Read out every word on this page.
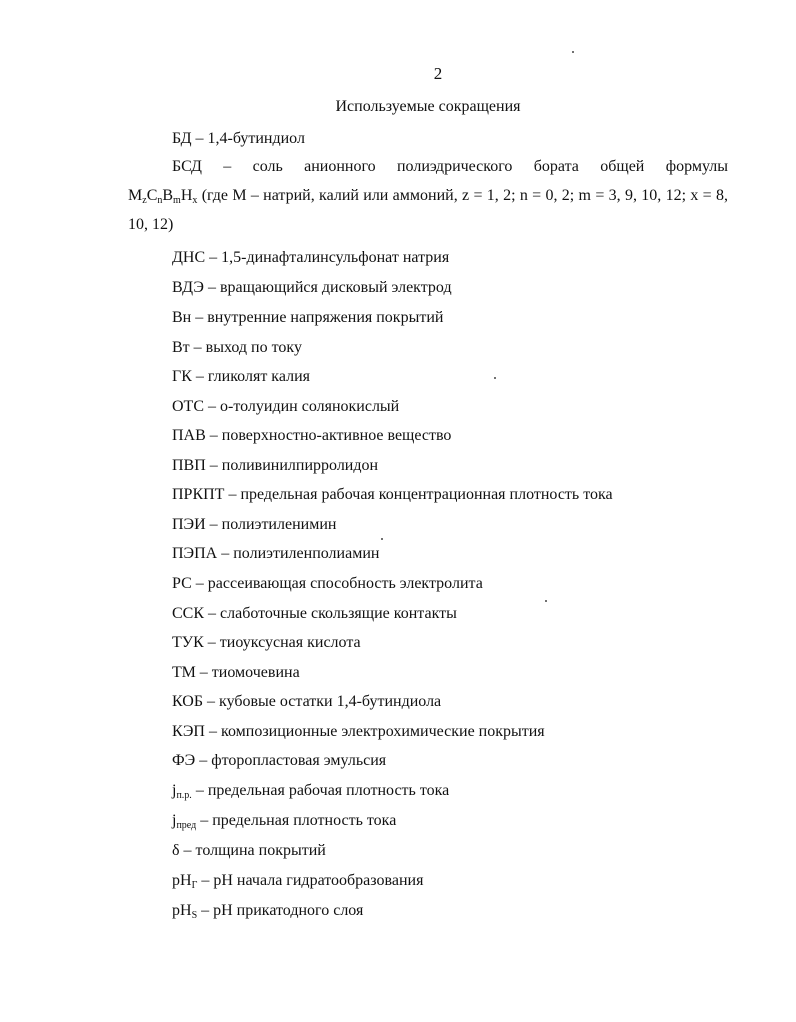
2
Используемые сокращения
БД – 1,4-бутиндиол
БСД – соль анионного полиэдрического бората общей формулы
$M_zC_nB_mH_x$ (где М – натрий, калий или аммоний, z = 1, 2; n = 0, 2; m = 3, 9, 10, 12; x = 8, 10, 12)
ДНС – 1,5-динафталинсульфонат натрия
ВДЭ – вращающийся дисковый электрод
Вн – внутренние напряжения покрытий
Вт – выход по току
ГК – гликолят калия
ОТС – о-толуидин солянокислый
ПАВ – поверхностно-активное вещество
ПВП – поливинилпирролидон
ПРКПТ – предельная рабочая концентрационная плотность тока
ПЭИ – полиэтиленимин
ПЭПА – полиэтиленполиамин
РС – рассеивающая способность электролита
ССК – слаботочные скользящие контакты
ТУК – тиоуксусная кислота
ТМ – тиомочевина
КОБ – кубовые остатки 1,4-бутиндиола
КЭП – композиционные электрохимические покрытия
ФЭ – фторопластовая эмульсия
$j_{п.р.}$ – предельная рабочая плотность тока
$j_{пред}$ – предельная плотность тока
δ – толщина покрытий
$pH_Г$ – рН начала гидратообразования
$pH_S$ – рН прикатодного слоя
